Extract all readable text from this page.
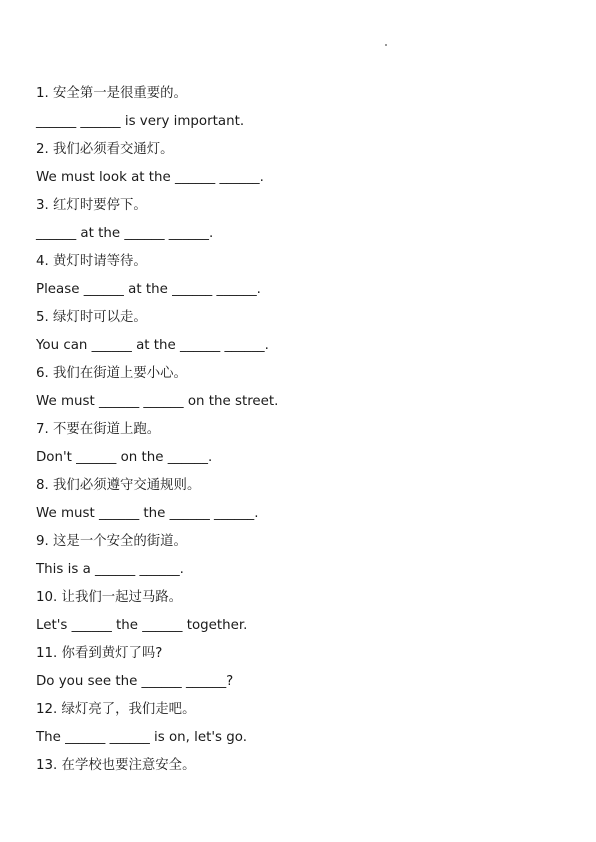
1. 安全第一是很重要的。
______ ______ is very important.
2. 我们必须看交通灯。
We must look at the ______ ______.
3. 红灯时要停下。
______ at the ______ ______.
4. 黄灯时请等待。
Please ______ at the ______ ______.
5. 绿灯时可以走。
You can ______ at the ______ ______.
6. 我们在街道上要小心。
We must ______ ______ on the street.
7. 不要在街道上跑。
Don't ______ on the ______.
8. 我们必须遵守交通规则。
We must ______ the ______ ______.
9. 这是一个安全的街道。
This is a ______ ______.
10. 让我们一起过马路。
Let's ______ the ______ together.
11. 你看到黄灯了吗?
Do you see the ______ ______?
12. 绿灯亮了，我们走吧。
The ______ ______ is on, let's go.
13. 在学校也要注意安全。
